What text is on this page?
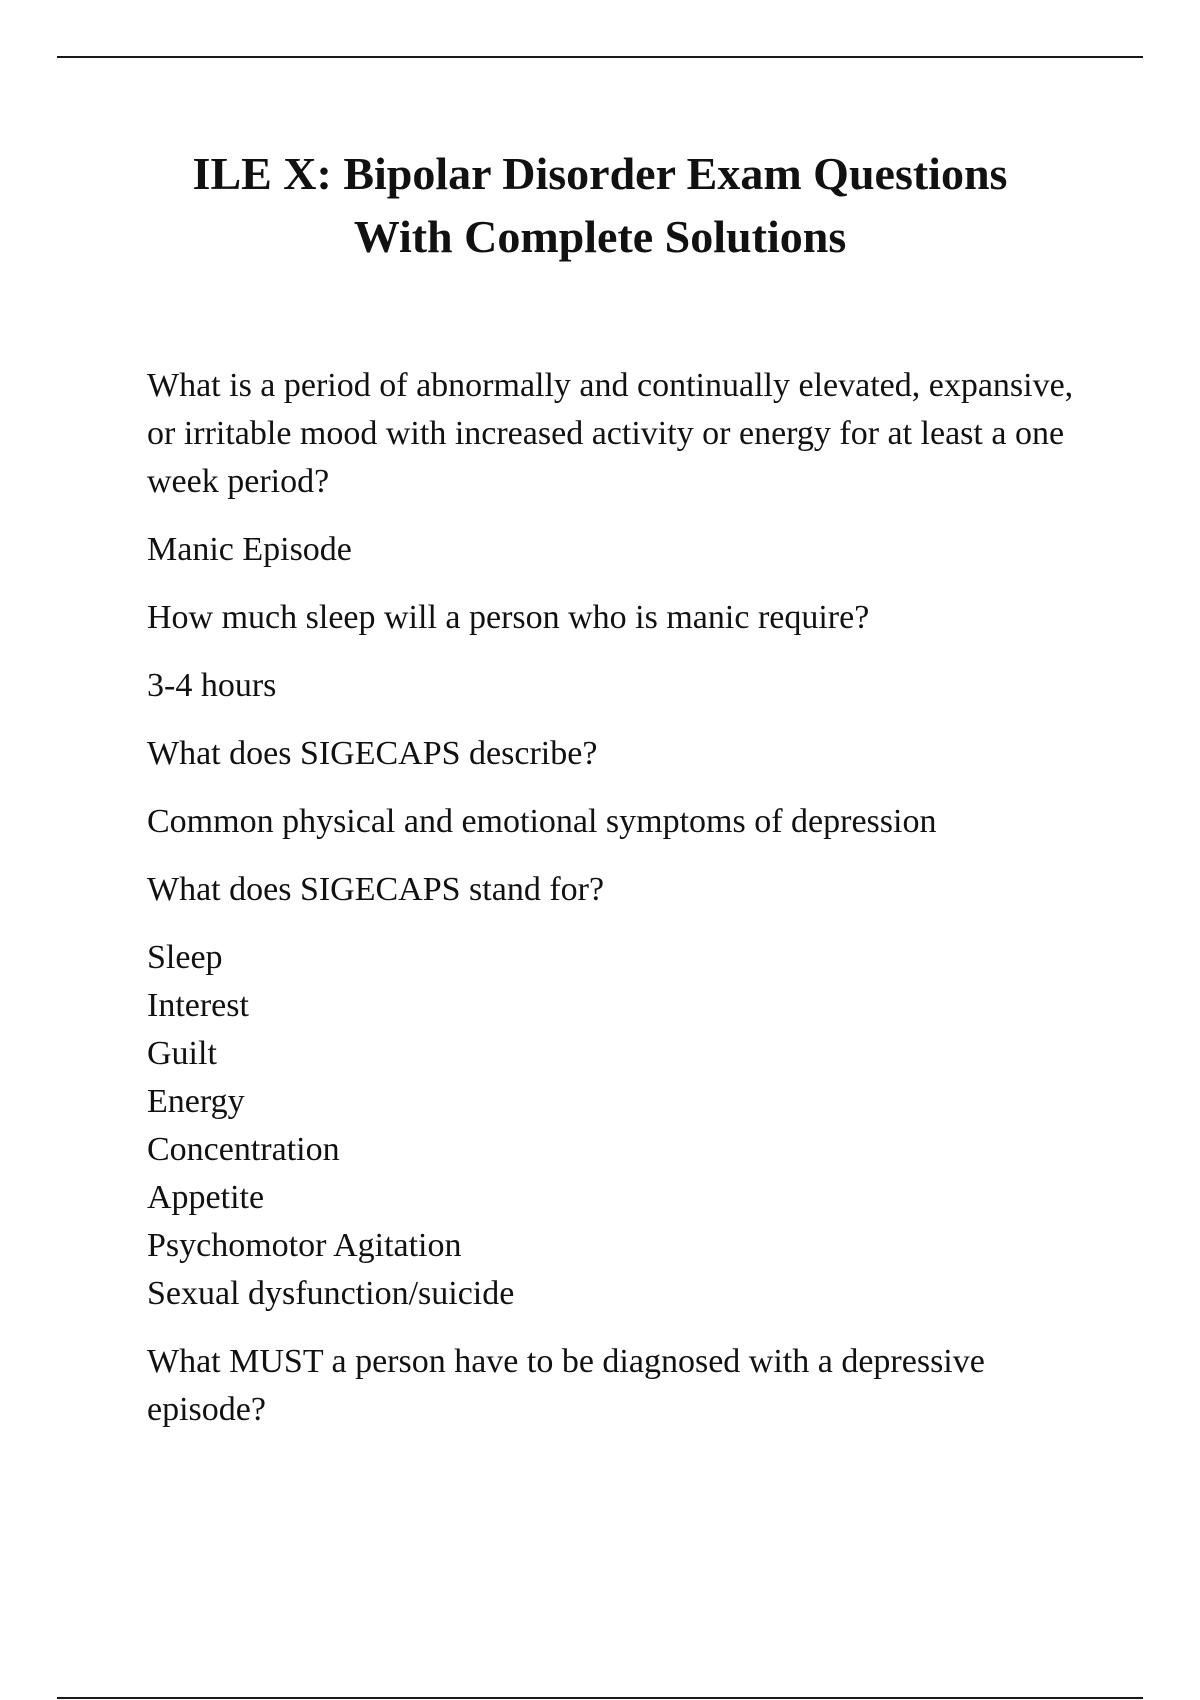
ILE X: Bipolar Disorder Exam Questions
With Complete Solutions

What is a period of abnormally and continually elevated, expansive, or irritable mood with increased activity or energy for at least a one week period?

Manic Episode

How much sleep will a person who is manic require?

3-4 hours

What does SIGECAPS describe?

Common physical and emotional symptoms of depression

What does SIGECAPS stand for?

Sleep
Interest
Guilt
Energy
Concentration
Appetite
Psychomotor Agitation
Sexual dysfunction/suicide

What MUST a person have to be diagnosed with a depressive episode?
